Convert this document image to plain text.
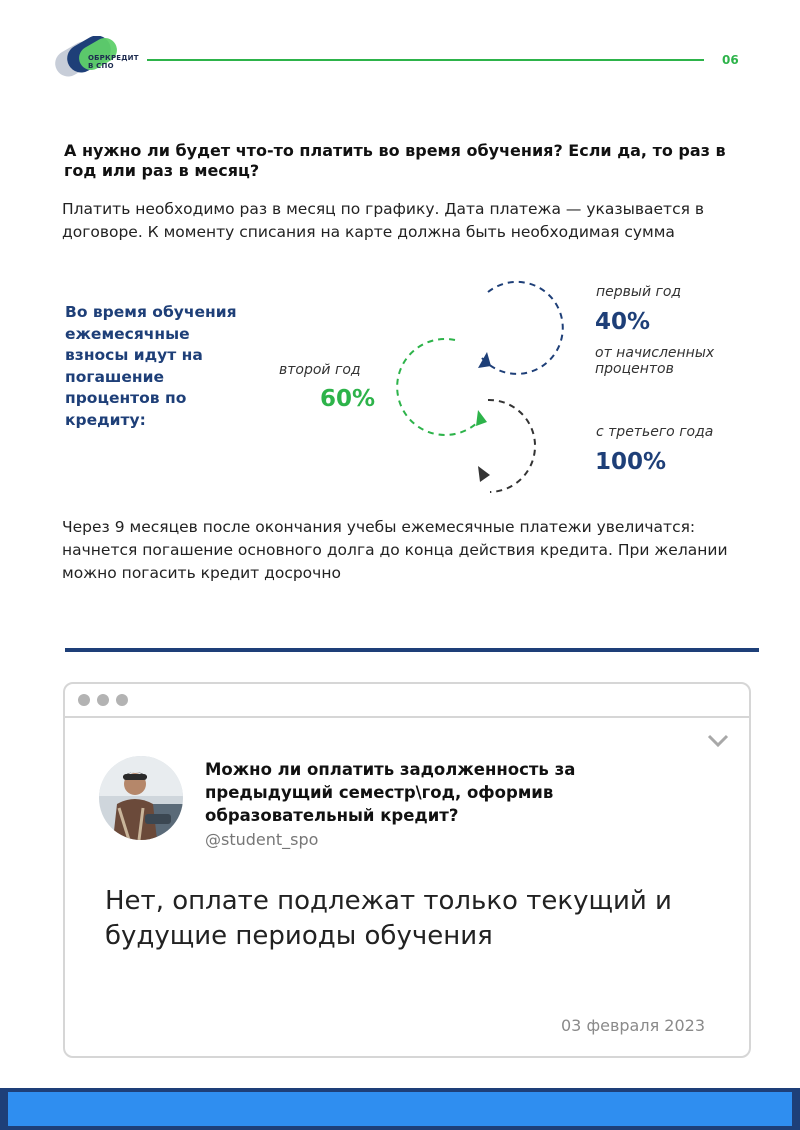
ОБРКРЕДИТ
В СПО	06
А нужно ли будет что-то платить во время обучения? Если да, то раз в год или раз в месяц?
Платить необходимо раз в месяц по графику. Дата платежа — указывается в договоре. К моменту списания на карте должна быть необходимая сумма
Во время обучения ежемесячные взносы идут на погашение процентов по кредиту:
первый год
40%
от начисленных процентов
второй год
60%
с третьего года
100%
Через 9 месяцев после окончания учебы ежемесячные платежи увеличатся: начнется погашение основного долга до конца действия кредита. При желании можно погасить кредит досрочно
Можно ли оплатить задолженность за предыдущий семестр\год, оформив образовательный кредит?
@student_spo
Нет, оплате подлежат только текущий и будущие периоды обучения
03 февраля 2023
